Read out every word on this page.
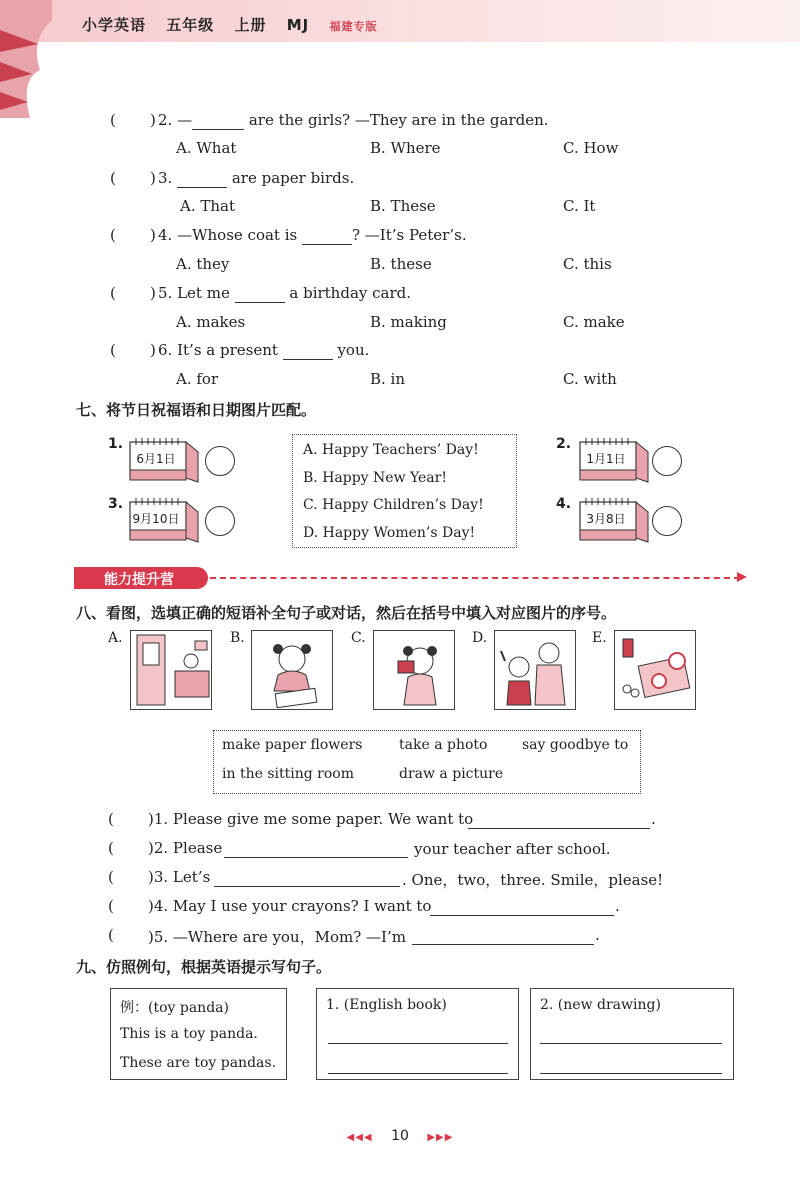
小学英语 五年级 上册 MJ 福建专版
( ) 2. —	are the girls? —They are in the garden.
A. What	B. Where	C. How
( ) 3.	are paper birds.
A. That	B. These	C. It
( ) 4. —Whose coat is	? —It’s Peter’s.
A. they	B. these	C. this
( ) 5. Let me	a birthday card.
A. makes	B. making	C. make
( ) 6. It’s a present	you.
A. for	B. in	C. with
七、将节日祝福语和日期图片匹配。
1.
6月1日
3.
9月10日
A. Happy Teachers’ Day!
B. Happy New Year!
C. Happy Children’s Day!
D. Happy Women’s Day!
2.
1月1日
4.
3月8日
能力提升营
八、看图，选填正确的短语补全句子或对话，然后在括号中填入对应图片的序号。
A.	B.	C.	D.	E.
make paper flowers	take a photo say goodbye to
in the sitting room	draw a picture
( )1. Please give me some paper. We want to	.
( )2. Please	your teacher after school.
( )3. Let’s	. One，two，three. Smile，please!
( )4. May I use your crayons? I want to	.
( )5. —Where are you，Mom? —I’m	.
九、仿照例句，根据英语提示写句子。
例：(toy panda)
This is a toy panda.
These are toy pandas.
1. (English book)	2. (new drawing)
◀◀◀ 10 ▶▶▶
